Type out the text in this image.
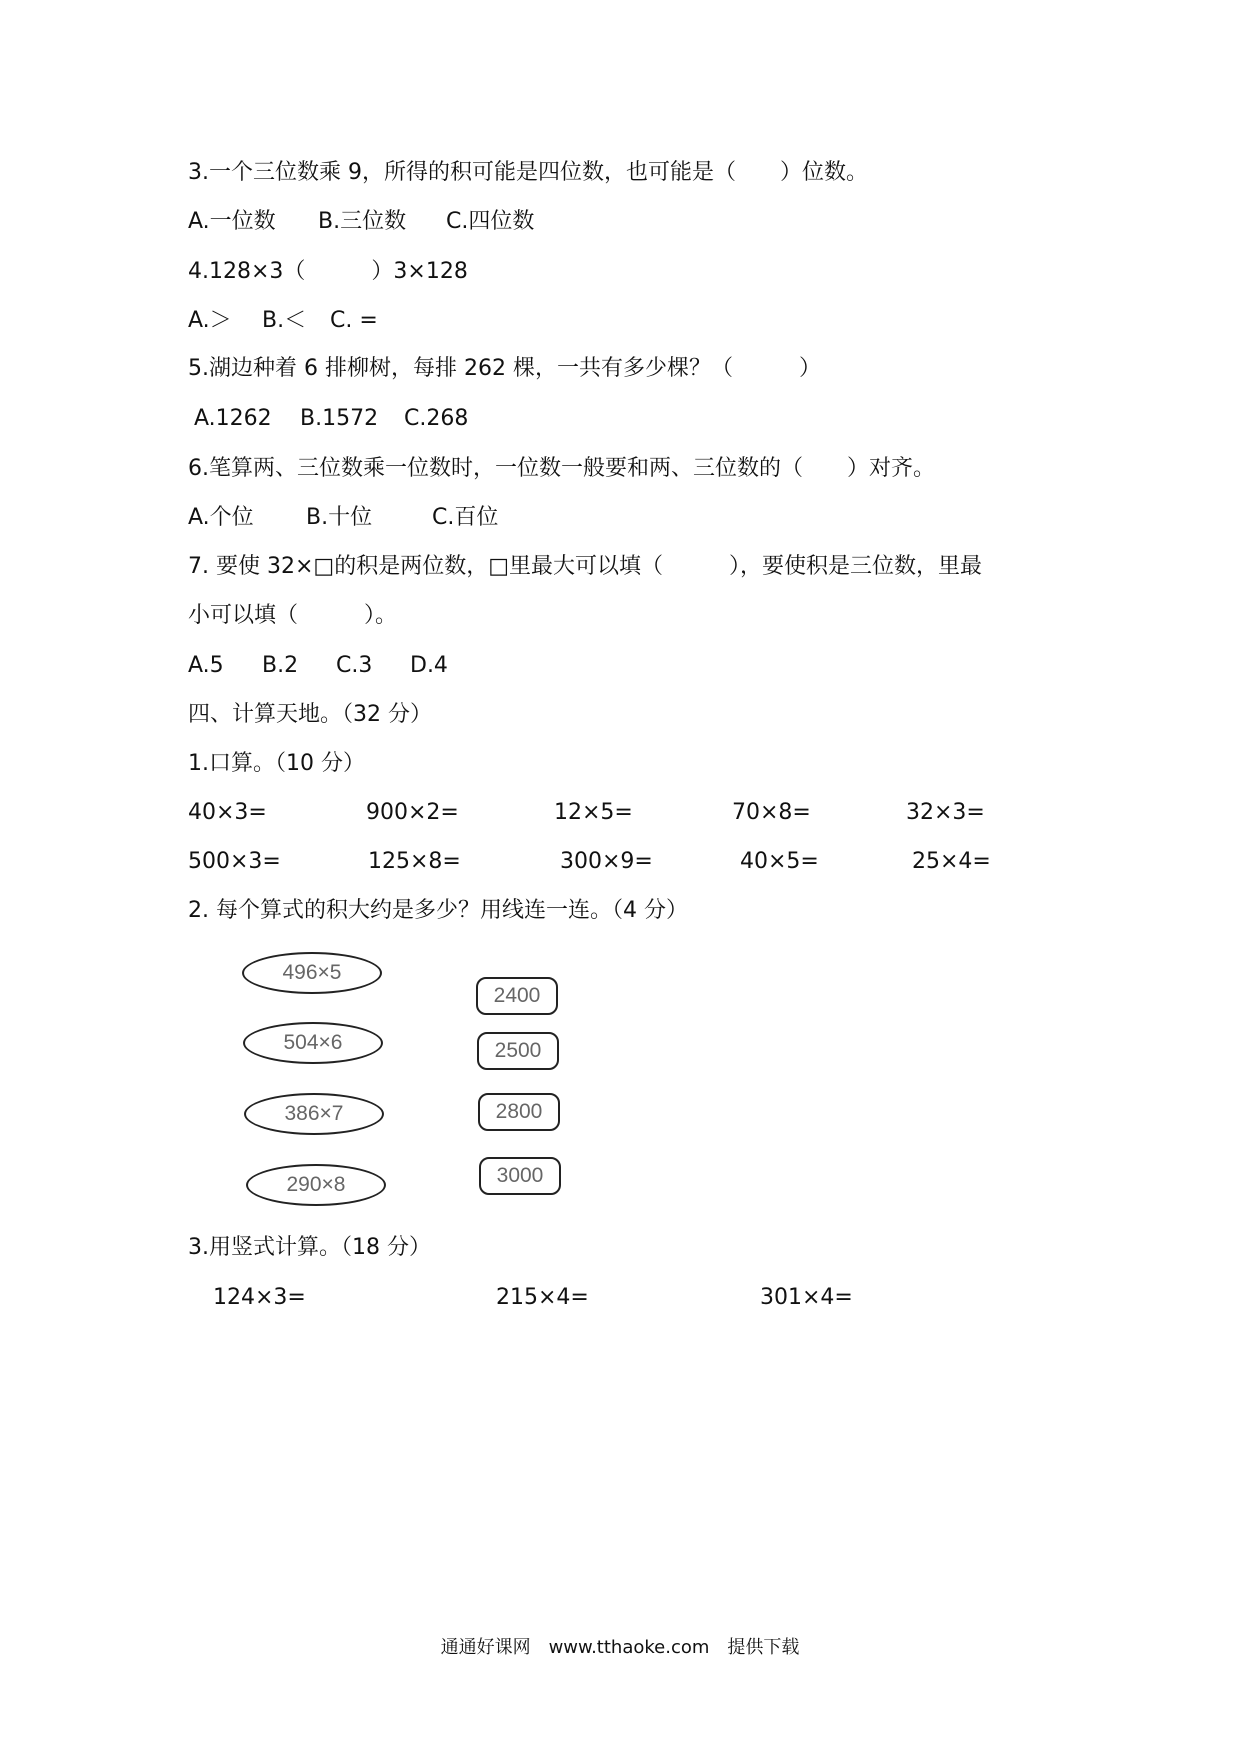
3.一个三位数乘 9，所得的积可能是四位数，也可能是（　　）位数。
A.一位数 B.三位数 C.四位数
4.128×3（　　　）3×128
A.＞ B.＜ C. =
5.湖边种着 6 排柳树，每排 262 棵，一共有多少棵？（　　　）
A.1262 B.1572 C.268
6.笔算两、三位数乘一位数时，一位数一般要和两、三位数的（　　）对齐。
A.个位 B.十位	C.百位
7. 要使 32×□的积是两位数，□里最大可以填（　　　），要使积是三位数，里最
小可以填（　　　）。
A.5 B.2 C.3 D.4
四、计算天地。（32 分）
1.口算。（10 分）
40×3=	900×2=	12×5=	70×8=	32×3=
500×3=	125×8=	300×9=	40×5=	25×4=
2. 每个算式的积大约是多少？用线连一连。（4 分）
496×5
504×6
386×7
290×8
2400
2500
2800
3000
3.用竖式计算。（18 分）
124×3=	215×4=	301×4=
通通好课网　www.tthaoke.com　提供下载
